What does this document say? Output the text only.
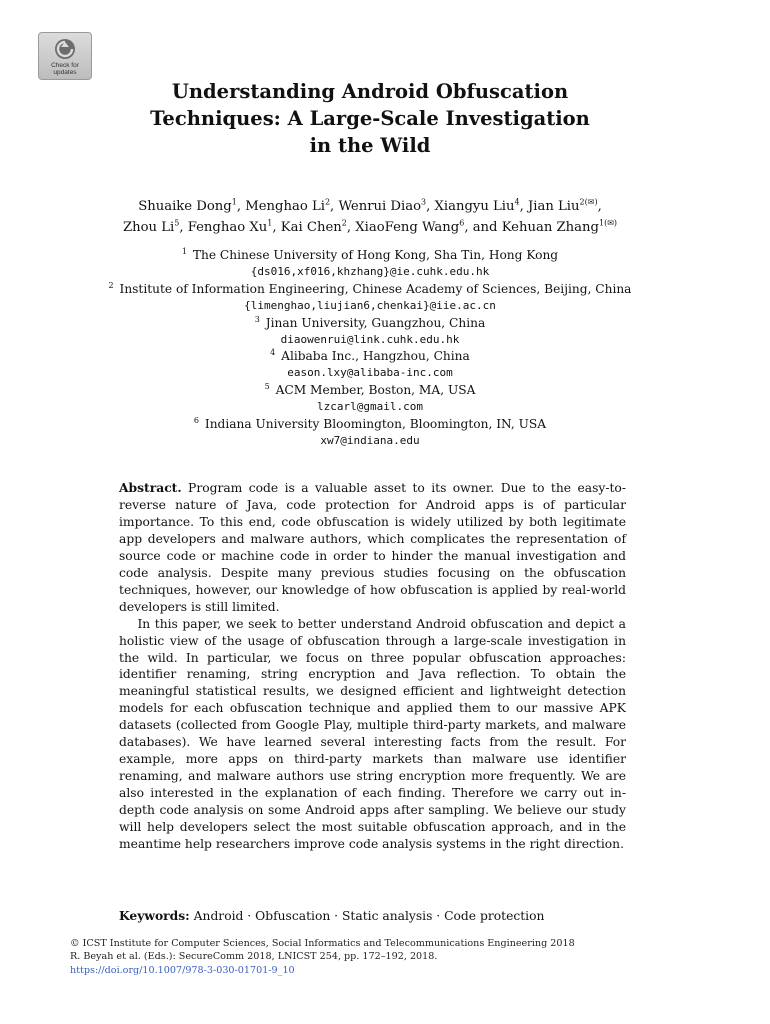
Check for
updates
Understanding Android Obfuscation
Techniques: A Large-Scale Investigation
in the Wild
Shuaike Dong$^1$, Menghao Li$^2$, Wenrui Diao$^3$, Xiangyu Liu$^4$, Jian Liu$^{2(✉)}$,
Zhou Li$^5$, Fenghao Xu$^1$, Kai Chen$^2$, XiaoFeng Wang$^6$, and Kehuan Zhang$^{1(✉)}$
$^1$ The Chinese University of Hong Kong, Sha Tin, Hong Kong
{ds016,xf016,khzhang}@ie.cuhk.edu.hk
$^2$ Institute of Information Engineering, Chinese Academy of Sciences, Beijing, China
{limenghao,liujian6,chenkai}@iie.ac.cn
$^3$ Jinan University, Guangzhou, China
diaowenrui@link.cuhk.edu.hk
$^4$ Alibaba Inc., Hangzhou, China
eason.lxy@alibaba-inc.com
$^5$ ACM Member, Boston, MA, USA
lzcarl@gmail.com
$^6$ Indiana University Bloomington, Bloomington, IN, USA
xw7@indiana.edu

Abstract. Program code is a valuable asset to its owner. Due to the easy-to-reverse nature of Java, code protection for Android apps is of particular importance. To this end, code obfuscation is widely utilized by both legitimate app developers and malware authors, which complicates the representation of source code or machine code in order to hinder the manual investigation and code analysis. Despite many previous studies focusing on the obfuscation techniques, however, our knowledge of how obfuscation is applied by real-world developers is still limited.

In this paper, we seek to better understand Android obfuscation and depict a holistic view of the usage of obfuscation through a large-scale investigation in the wild. In particular, we focus on three popular obfuscation approaches: identifier renaming, string encryption and Java reflection. To obtain the meaningful statistical results, we designed efficient and lightweight detection models for each obfuscation technique and applied them to our massive APK datasets (collected from Google Play, multiple third-party markets, and malware databases). We have learned several interesting facts from the result. For example, more apps on third-party markets than malware use identifier renaming, and malware authors use string encryption more frequently. We are also interested in the explanation of each finding. Therefore we carry out in-depth code analysis on some Android apps after sampling. We believe our study will help developers select the most suitable obfuscation approach, and in the meantime help researchers improve code analysis systems in the right direction.

Keywords: Android · Obfuscation · Static analysis · Code protection
© ICST Institute for Computer Sciences, Social Informatics and Telecommunications Engineering 2018
R. Beyah et al. (Eds.): SecureComm 2018, LNICST 254, pp. 172–192, 2018.
https://doi.org/10.1007/978-3-030-01701-9_10
